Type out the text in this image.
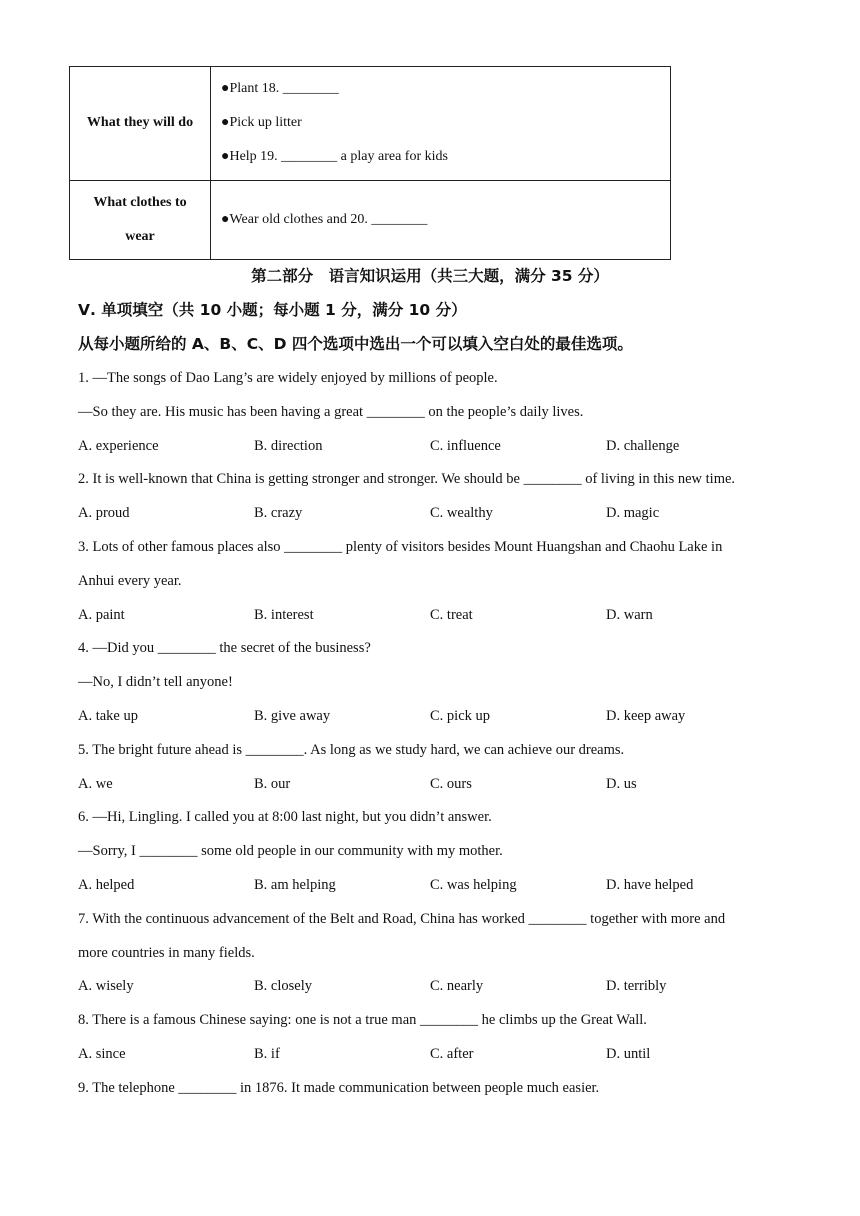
What they will do	●Plant 18. ________
●Pick up litter
●Help 19. ________ a play area for kids

What clothes to
wear	●Wear old clothes and 20. ________
第二部分　语言知识运用（共三大题，满分 35 分）
Ⅴ. 单项填空（共 10 小题；每小题 1 分，满分 10 分）
从每小题所给的 A、B、C、D 四个选项中选出一个可以填入空白处的最佳选项。
1. —The songs of Dao Lang’s are widely enjoyed by millions of people.
—So they are. His music has been having a great ________ on the people’s daily lives.
A. experience	B. direction	C. influence	D. challenge
2. It is well-known that China is getting stronger and stronger. We should be ________ of living in this new time.
A. proud	B. crazy	C. wealthy	D. magic
3. Lots of other famous places also ________ plenty of visitors besides Mount Huangshan and Chaohu Lake in
Anhui every year.
A. paint	B. interest	C. treat	D. warn
4. —Did you ________ the secret of the business?
—No, I didn’t tell anyone!
A. take up	B. give away	C. pick up	D. keep away
5. The bright future ahead is ________. As long as we study hard, we can achieve our dreams.
A. we	B. our	C. ours	D. us
6. —Hi, Lingling. I called you at 8:00 last night, but you didn’t answer.
—Sorry, I ________ some old people in our community with my mother.
A. helped	B. am helping	C. was helping	D. have helped
7. With the continuous advancement of the Belt and Road, China has worked ________ together with more and
more countries in many fields.
A. wisely	B. closely	C. nearly	D. terribly
8. There is a famous Chinese saying: one is not a true man ________ he climbs up the Great Wall.
A. since	B. if	C. after	D. until
9. The telephone ________ in 1876. It made communication between people much easier.
